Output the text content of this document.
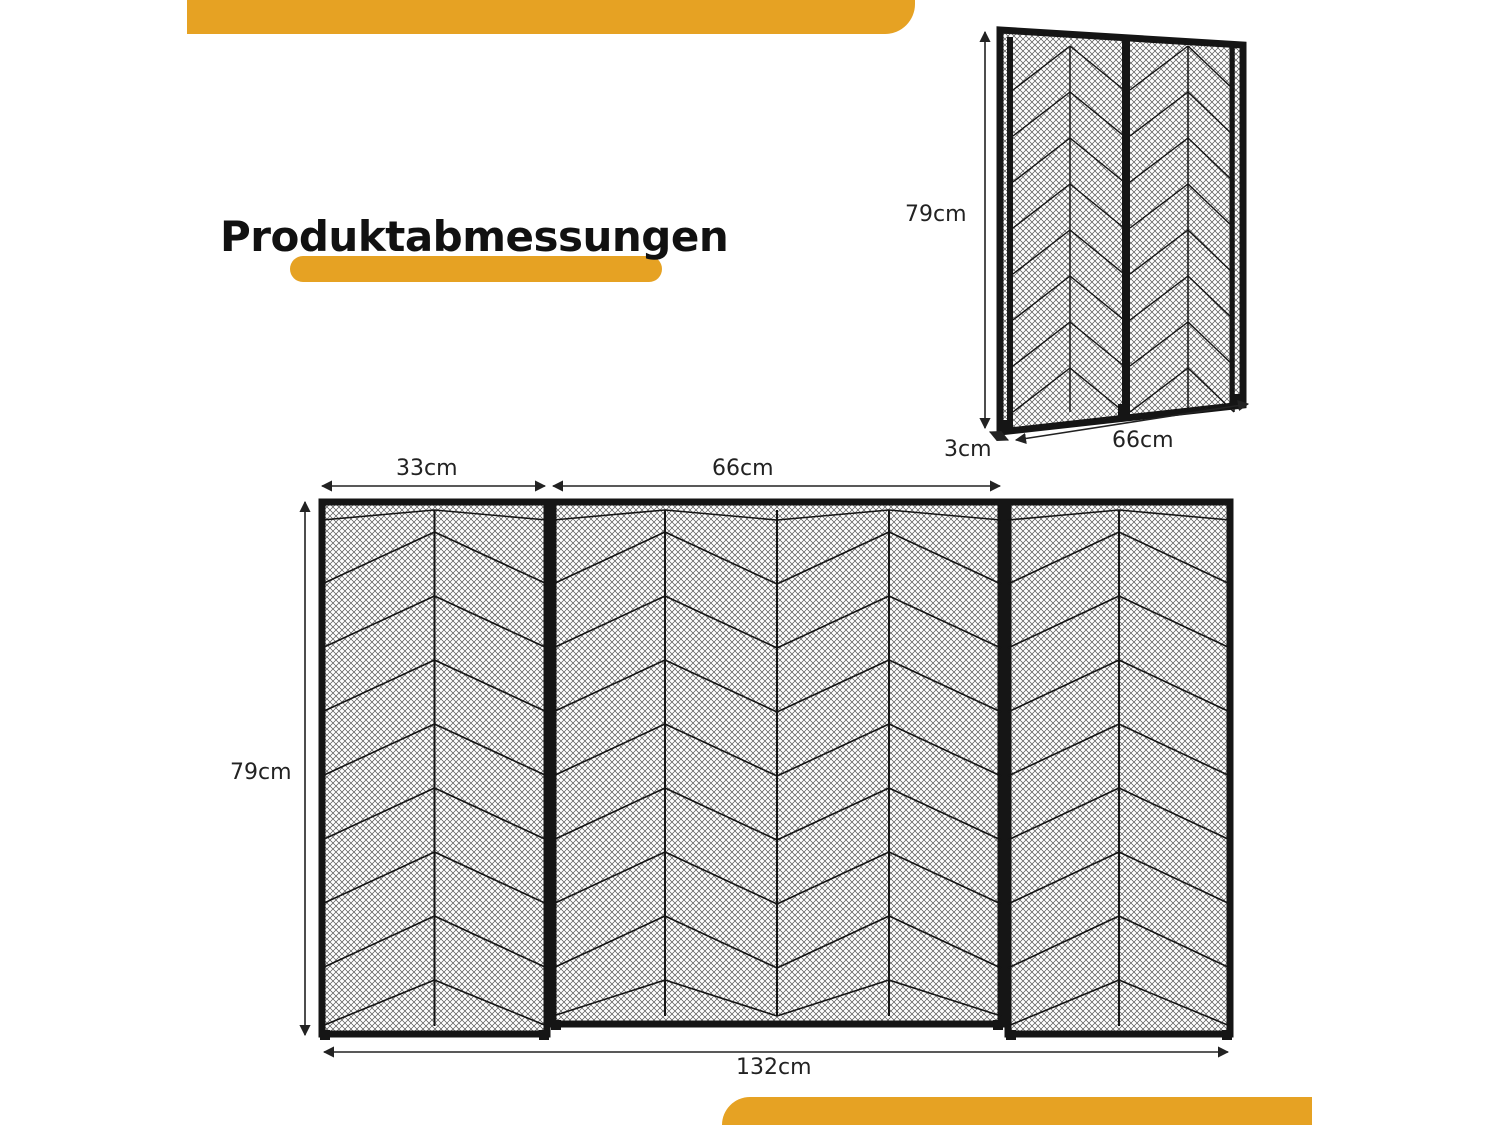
Produktabmessungen
33cm	66cm
79cm
132cm
79cm
66cm
3cm
